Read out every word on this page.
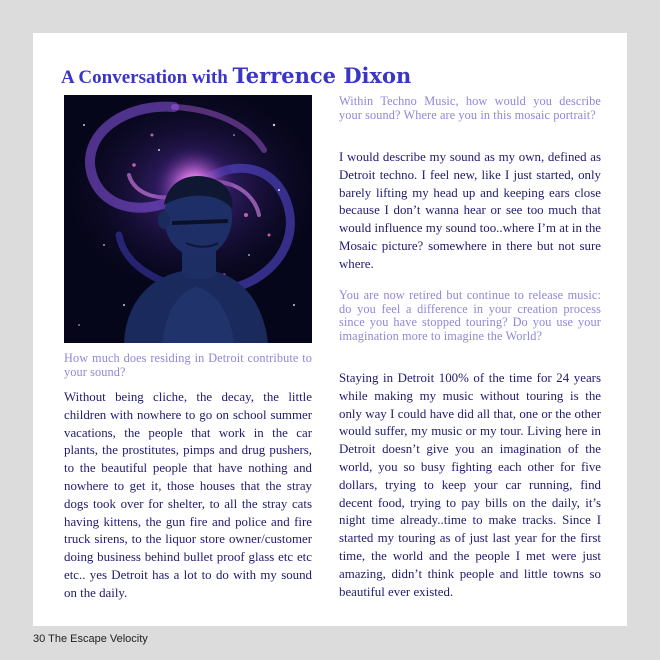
A Conversation with Terrence Dixon
How much does residing in Detroit contribute to your sound?
Without being cliche, the decay, the little children with nowhere to go on school summer vacations, the people that work in the car plants, the prostitutes, pimps and drug pushers, to the beautiful people that have nothing and nowhere to get it, those houses that the stray dogs took over for shelter, to all the stray cats having kittens, the gun fire and police and fire truck sirens, to the liquor store owner/customer doing business behind bullet proof glass etc etc etc.. yes Detroit has a lot to do with my sound on the daily.
Within Techno Music, how would you describe your sound? Where are you in this mosaic portrait?
I would describe my sound as my own, defined as Detroit techno. I feel new, like I just started, only barely lifting my head up and keeping ears close because I don’t wanna hear or see too much that would influence my sound too..where I’m at in the Mosaic picture? somewhere in there but not sure where.
You are now retired but continue to release music: do you feel a difference in your creation process since you have stopped touring? Do you use your imagination more to imagine the World?
Staying in Detroit 100% of the time for 24 years while making my music without touring is the only way I could have did all that, one or the other would suffer, my music or my tour. Living here in Detroit doesn’t give you an imagination of the world, you so busy fighting each other for five dollars, trying to keep your car running, find decent food, trying to pay bills on the daily, it’s night time already..time to make tracks. Since I started my touring as of just last year for the first time, the world and the people I met were just amazing, didn’t think people and little towns so beautiful ever existed.
30 The Escape Velocity
